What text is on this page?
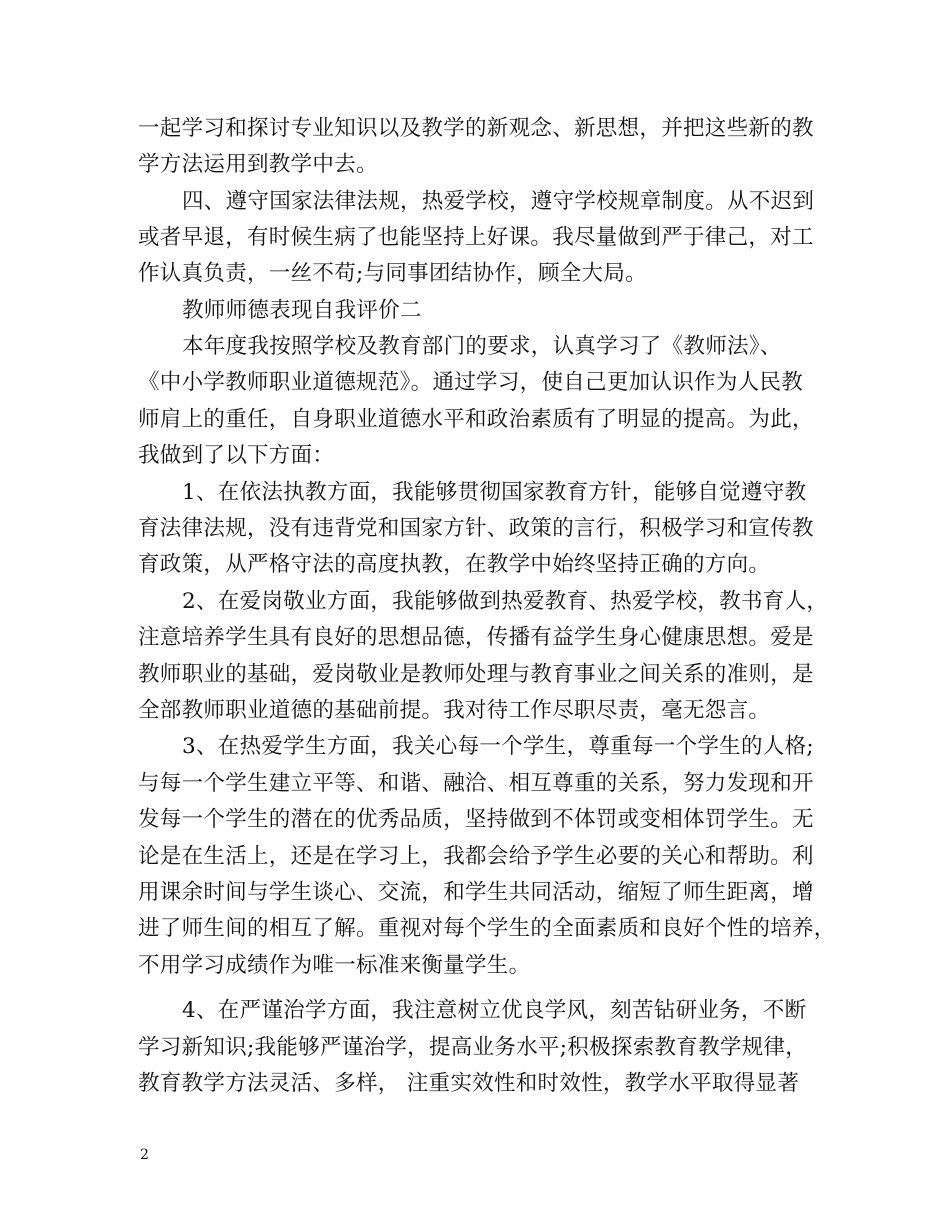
一起学习和探讨专业知识以及教学的新观念、新思想，并把这些新的教
学方法运用到教学中去。
四、遵守国家法律法规，热爱学校，遵守学校规章制度。从不迟到
或者早退，有时候生病了也能坚持上好课。我尽量做到严于律己，对工
作认真负责，一丝不苟;与同事团结协作，顾全大局。
教师师德表现自我评价二
本年度我按照学校及教育部门的要求，认真学习了《教师法》、
《中小学教师职业道德规范》。通过学习，使自己更加认识作为人民教
师肩上的重任，自身职业道德水平和政治素质有了明显的提高。为此，
我做到了以下方面：
1、在依法执教方面，我能够贯彻国家教育方针，能够自觉遵守教
育法律法规，没有违背党和国家方针、政策的言行，积极学习和宣传教
育政策，从严格守法的高度执教，在教学中始终坚持正确的方向。
2、在爱岗敬业方面，我能够做到热爱教育、热爱学校，教书育人，
注意培养学生具有良好的思想品德，传播有益学生身心健康思想。爱是
教师职业的基础，爱岗敬业是教师处理与教育事业之间关系的准则，是
全部教师职业道德的基础前提。我对待工作尽职尽责，毫无怨言。
3、在热爱学生方面，我关心每一个学生，尊重每一个学生的人格;
与每一个学生建立平等、和谐、融洽、相互尊重的关系，努力发现和开
发每一个学生的潜在的优秀品质，坚持做到不体罚或变相体罚学生。无
论是在生活上，还是在学习上，我都会给予学生必要的关心和帮助。利
用课余时间与学生谈心、交流，和学生共同活动，缩短了师生距离，增
进了师生间的相互了解。重视对每个学生的全面素质和良好个性的培养，
不用学习成绩作为唯一标准来衡量学生。
4、在严谨治学方面，我注意树立优良学风，刻苦钻研业务，不断
学习新知识;我能够严谨治学，提高业务水平;积极探索教育教学规律，
教育教学方法灵活、多样， 注重实效性和时效性，教学水平取得显著
2
